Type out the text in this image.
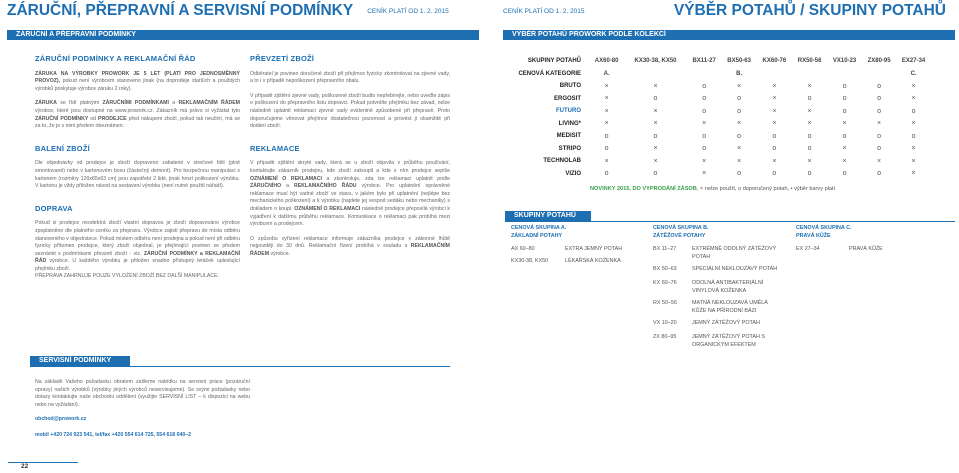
ZÁRUČNÍ, PŘEPRAVNÍ A SERVISNÍ PODMÍNKY CENÍK PLATÍ OD 1. 2. 2015	CENÍK PLATÍ OD 1. 2. 2015	VÝBĚR POTAHŮ / SKUPINY POTAHŮ
ZÁRUČNÍ A PŘEPRAVNÍ PODMÍNKY	VÝBĚR POTAHŮ PROWORK PODLE KOLEKCÍ
ZÁRUČNÍ PODMÍNKY A REKLAMAČNÍ ŘÁD

ZÁRUKA NA VÝROBKY PROWORK JE 5 LET (PLATÍ PRO JEDNOSMĚNNÝ PROVOZ), pokud není výrobcem stanoveno jinak (na doprodeje starších a použitých výrobků poskytuje výrobce záruku 2 roky).

ZÁRUKA se řídí platnými ZÁRUČNÍMI PODMÍNKAMI a REKLAMAČNÍM ŘÁDEM výrobce, které jsou dostupné na www.prowork.cz. Zákazník má právo si vyžádat tyto ZÁRUČNÍ PODMÍNKY od PRODEJCE před nákupem zboží, pokud tak neučiní, má se za to, že je s nimi předem obeznámen.

BALENÍ ZBOŽÍ

Dle objednávky od prodejce je zboží dopraveno zabalené v strečové fólii (plně smontované) nebo v kartonovém boxu (částečný demont). Pro bezpečnou manipulaci s kartonem (rozměry 120x65x63 cm) jsou zapotřebí 2 lidé, jinak hrozí poškození výrobku. V kartonu je vždy přiložen návod na sestavení výrobku (není nutné použití nářadí).

DOPRAVA

Pokud si prodejce neodebírá zboží vlastní dopravou je zboží dopravováno výrobce zpoplatněno dle platného ceníku za přepravu. Výrobce zajistí přepravu do místa odběru stanoveného v objednávce. Pokud místem odběru není prodejna a pokud není při odběru fyzicky přítomen prodejce, který zboží objednal, je přejímající povinen se předem seznámit s podmínkami převzetí zboží - viz. ZÁRUČNÍ PODMÍNKY a REKLAMAČNÍ ŘÁD výrobce. U každého výrobku je přiložen snadno přístupný letáček upleslující přejímku zboží.

PŘEPRAVA ZAHRNUJE POUZE VYLOŽENÍ ZBOŽÍ BEZ DALŠÍ MANIPULACE.

PŘEVZETÍ ZBOŽÍ

Odběratel je povinen doručené zboží při přejímce fyzicky zkontrolovat na zjevné vady, a to i v případě nepoškození přepravního obalu.

V případě zjištění zjevné vady, poškozené zboží budto nepřebírejte, nebo uveďte zápis o poškození do přepravního listu dopravci. Pokud potvrdíte přejímku bez závad, nelze následně uplatnit reklamaci zjevné vady evidentně způsobené při přepravě. Proto doporučujeme věnovat přejímce dostatečnou pozornost a provést ji okamžitě při dodání zboží.

REKLAMACE

V případě zjištění skryté vady, která se u zboží objevila v průběhu používání, kontaktujte zákazník prodejnu, kde zboží zakoupil a kde s ním prodejce sepíše OZNÁMENÍ O REKLAMACI a zkontroluje, zda lze reklamaci uplatnit podle ZÁRUČNÍHO a REKLAMAČNÍHO ŘÁDU výrobce. Pro uplatnění oprávněné reklamace musí být vadné zboží ve stavu, v jakém bylo při uplatnění (nejlépe bez mechanického poškození) a k výrobku (najdete jej vespod sedáku nebo mechaniky) s dokladem o koupi. OZNÁMENÍ O REKLAMACI následně prodejce přeposílá výrobci k vyjádření k dalšímu průběhu reklamace. Komunikace o reklamaci pak probíhá mezi výrobcem a prodejcem.

O způsobu vyřízení reklamace informuje zákazníka prodejce v zákonné lhůtě nejpozději do 30 dnů. Reklamační řízení probíhá v souladu s REKLAMAČNÍM ŘÁDEM výrobce.

SERVISNÍ PODMÍNKY

Na základě Vašeho požadavku obratem zašleme nabídku na servisní práce (pozáruční opravy) našich výrobků (výrobky jiných výrobců neservisujeme). Se svými požadavky nebo dotazy kontaktujte naše obchodní oddělení (využijte SERVISNÍ LIST – k dispozici na webu nebo na vyžádání).

obchod@prowork.cz
mobil +420 724 923 541, tel/fax +420 554 614 725, 554 618 040–2
SKUPINY POTAHŮ	AX60-80	KX30-38, KX50	BX11-27	BX50-63	KX60-76	RX50-56	VX10-23	ZX80-95	EX27-34
CENOVÁ KATEGORIE	A.			B.					C.
BRUTO	×	×	o	×	×	×	o	o	×
ERGOSIT	×	o	o	o	×	o	o	o	×
FUTURO	×	×	o	o	×	×	o	o	o
LIVING*	×	×	×	×	×	×	×	×	×
MEDISIT	o	o	o	o	o	o	o	o	o
STRIPO	o	×	o	×	o	o	×	o	×
TECHNOLAB	×	×	×	×	×	×	×	×	×
VIZIO	o	o	×	o	o	o	o	o	×
NOVINKY 2015, DO VYPRODÁNÍ ZÁSOB, × nelze použít, o doporučený potah, • výběr barvy platí
SKUPINY POTAHŮ
CENOVÁ SKUPINA A.
ZÁKLADNÍ POTAHY
AX 60–80	EXTRA JEMNÝ POTAH
KX30-38, KX50	LÉKAŘSKÁ KOŽENKA
CENOVÁ SKUPINA B.
ZÁTĚŽOVÉ POTAHY
BX 11–27	EXTRÉMNĚ ODOLNÝ ZÁTĚŽOVÝ POTAH
BX 50–63	SPECIÁLNÍ NEKLOUZAVÝ POTAH
KX 60–76	ODOLNÁ ANTIBAKTERIÁLNÍ VINYLOVÁ KOŽENKA
RX 50–56	MATNÁ NEKLOUZAVÁ UMĚLÁ KŮŽE NA PŘÍRODNÍ BÁZI
VX 10–20	JEMNÝ ZÁTĚŽOVÝ POTAH
ZX 80–95	JEMNÝ ZÁTĚŽOVÝ POTAH S ORGANICKÝM EFEKTEM
CENOVÁ SKUPINA C.
PRAVÁ KŮŽE
EX 27–34	PRAVÁ KŮŽE
22
